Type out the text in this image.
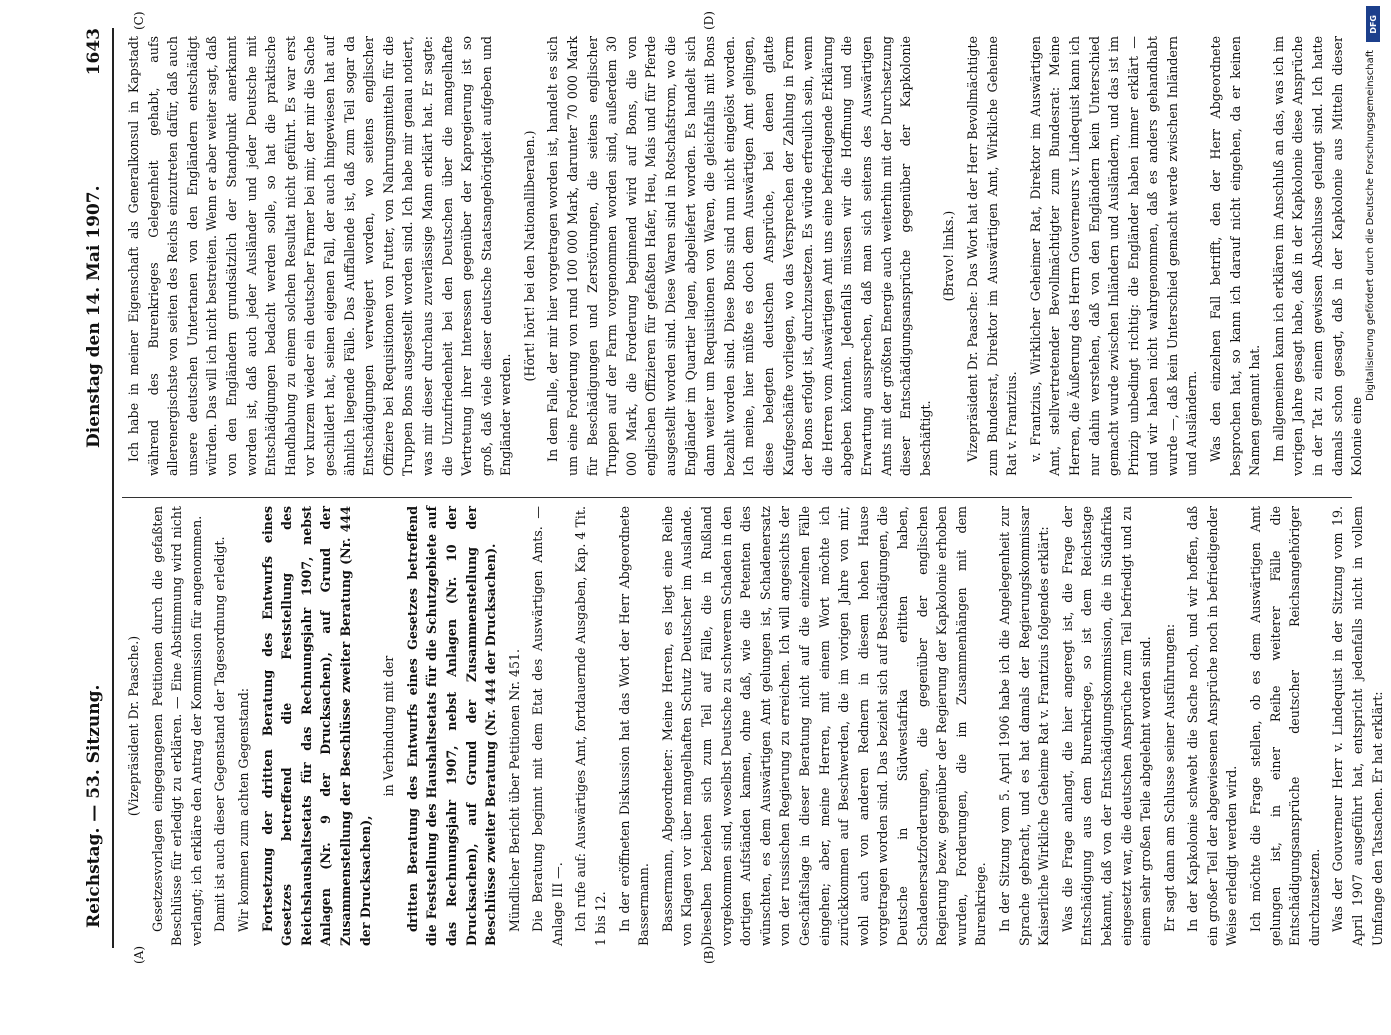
Reichstag. — 53. Sitzung.
Dienstag den 14. Mai 1907.
1643
(A)	(B)
(C)	(D)

(Vizepräsident Dr. Paasche.) Gesetzesvorlagen eingegangenen Petitionen durch die gefaßten Beschlüsse für erledigt zu erklären. — Eine Abstimmung wird nicht verlangt; ich erkläre den Antrag der Kommission für angenommen. Damit ist auch dieser Gegenstand der Tagesordnung erledigt. Wir kommen zum achten Gegenstand: Fortsetzung der dritten Beratung des Entwurfs eines Gesetzes betreffend die Feststellung des Reichshaushaltsetats für das Rechnungsjahr 1907, nebst Anlagen (Nr. 9 der Drucksachen), auf Grund der Zusammenstellung der Beschlüsse zweiter Beratung (Nr. 444 der Drucksachen),

in Verbindung mit der dritten Beratung des Entwurfs eines Gesetzes betreffend die Feststellung des Haushaltsetats für die Schutzgebiete auf das Rechnungsjahr 1907, nebst Anlagen (Nr. 10 der Drucksachen), auf Grund der Zusammenstellung der Beschlüsse zweiter Beratung (Nr. 444 der Drucksachen). Mündlicher Bericht über Petitionen Nr. 451. Die Beratung beginnt mit dem Etat des Auswärtigen Amts. — Anlage III —. Ich rufe auf: Auswärtiges Amt, fortdauernde Ausgaben, Kap. 4 Tit. 1 bis 12. In der eröffneten Diskussion hat das Wort der Herr Abgeordnete Bassermann. Bassermann, Abgeordneter: Meine Herren, es liegt eine Reihe von Klagen vor über mangelhaften Schutz Deutscher im Auslande. Dieselben beziehen sich zum Teil auf Fälle, die in Rußland vorgekommen sind, woselbst Deutsche zu schwerem Schaden in den dortigen Aufständen kamen, ohne daß, wie die Petenten dies wünschten, es dem Auswärtigen Amt gelungen ist, Schadenersatz von der russischen Regierung zu erreichen. Ich will angesichts der Geschäftslage in dieser Beratung nicht auf die einzelnen Fälle eingehen; aber, meine Herren, mit einem Wort möchte ich zurückkommen auf Beschwerden, die im vorigen Jahre von mir, wohl auch von anderen Rednern in diesem hohen Hause vorgetragen worden sind. Das bezieht sich auf Beschädigungen, die Deutsche in Südwestafrika erlitten haben, Schadenersatzforderungen, die gegenüber der englischen Regierung bezw. gegenüber der Regierung der Kapkolonie erhoben wurden, Forderungen, die im Zusammenhängen mit dem Burenkriege. In der Sitzung vom 5. April 1906 habe ich die Angelegenheit zur Sprache gebracht, und es hat damals der Regierungskommissar Kaiserliche Wirkliche Geheime Rat v. Frantzius folgendes erklärt: Was die Frage anlangt, die hier angeregt ist, die Frage der Entschädigung aus dem Burenkriege, so ist dem Reichstage bekannt, daß von der Entschädigungskommission, die in Südafrika eingesetzt war, die deutschen Ansprüche zum Teil befriedigt und zu einem sehr großen Teile abgelehnt worden sind. Er sagt dann am Schlusse seiner Ausführungen: In der Kapkolonie schwebt die Sache noch, und wir hoffen, daß ein großer Teil der abgewiesenen Ansprüche noch in befriedigender Weise erledigt werden wird. Ich möchte die Frage stellen, ob es dem Auswärtigen Amt gelungen ist, in einer Reihe weiterer Fälle die Entschädigungsansprüche deutscher Reichsangehöriger durchzusetzen. Was der Gouverneur Herr v. Lindequist in der Sitzung vom 19. April 1907 ausgeführt hat, entspricht jedenfalls nicht in vollem Umfange den Tatsachen. Er hat erklärt:

Ich habe in meiner Eigenschaft als Generalkonsul in Kapstadt während des Burenkrieges Gelegenheit gehabt, aufs allerenergischste von seiten des Reichs einzutreten dafür, daß auch unsere deutschen Untertanen von den Engländern entschädigt würden. Das will ich nicht bestreiten. Wenn er aber weiter sagt, daß von den Engländern grundsätzlich der Standpunkt anerkannt worden ist, daß auch jeder Ausländer und jeder Deutsche mit Entschädigungen bedacht werden solle, so hat die praktische Handhabung zu einem solchen Resultat nicht geführt. Es war erst vor kurzem wieder ein deutscher Farmer bei mir, der mir die Sache geschildert hat, seinen eigenen Fall, der auch hingewiesen hat auf ähnlich liegende Fälle. Das Auffallende ist, daß zum Teil sogar da Entschädigungen verweigert worden, wo seitens englischer Offiziere bei Requisitionen von Futter, von Nahrungsmitteln für die Truppen Bons ausgestellt worden sind. Ich habe mir genau notiert, was mir dieser durchaus zuverlässige Mann erklärt hat. Er sagte: die Unzufriedenheit bei den Deutschen über die mangelhafte Vertretung ihrer Interessen gegenüber der Kapregierung ist so groß, daß viele dieser deutsche Staatsangehörigkeit aufgeben und Engländer werden.

(Hört! hört! bei den Nationalliberalen.) In dem Falle, der mir hier vorgetragen worden ist, handelt es sich um eine Forderung von rund 100 000 Mark, darunter 70 000 Mark für Beschädigungen und Zerstörungen, die seitens englischer Truppen auf der Farm vorgenommen worden sind, außerdem 30 000 Mark, die Forderung beginnend wird auf Bons, die von englischen Offizieren für gefaßten Hafer, Heu, Mais und für Pferde ausgestellt worden sind. Diese Waren sind in Rotschafstrom, wo die Engländer im Quartier lagen, abgeliefert worden. Es handelt sich dann weiter um Requisitionen von Waren, die gleichfalls mit Bons bezahlt worden sind. Diese Bons sind nun nicht eingelöst worden. Ich meine, hier müßte es doch dem Auswärtigen Amt gelingen, diese belegten deutschen Ansprüche, bei denen glatte Kaufgeschäfte vorliegen, wo das Versprechen der Zahlung in Form der Bons erfolgt ist, durchzusetzen. Es würde erfreulich sein, wenn die Herren vom Auswärtigen Amt uns eine befriedigende Erklärung abgeben könnten. Jedenfalls müssen wir die Hoffnung und die Erwartung aussprechen, daß man sich seitens des Auswärtigen Amts mit der größten Energie auch weiterhin mit der Durchsetzung dieser Entschädigungsansprüche gegenüber der Kapkolonie beschäftigt.

(Bravo! links.) Vizepräsident Dr. Paasche: Das Wort hat der Herr Bevollmächtigte zum Bundesrat, Direktor im Auswärtigen Amt, Wirkliche Geheime Rat v. Frantzius. v. Frantzius, Wirklicher Geheimer Rat, Direktor im Auswärtigen Amt, stellvertretender Bevollmächtigter zum Bundesrat: Meine Herren, die Äußerung des Herrn Gouverneurs v. Lindequist kann ich nur dahin verstehen, daß von den Engländern kein Unterschied gemacht wurde zwischen Inländern und Ausländern, und das ist im Prinzip unbedingt richtig: die Engländer haben immer erklärt — und wir haben nicht wahrgenommen, daß es anders gehandhabt wurde —, daß kein Unterschied gemacht werde zwischen Inländern und Ausländern. Was den einzelnen Fall betrifft, den der Herr Abgeordnete besprochen hat, so kann ich darauf nicht eingehen, da er keinen Namen genannt hat. Im allgemeinen kann ich erklären im Anschluß an das, was ich im vorigen Jahre gesagt habe, daß in der Kapkolonie diese Ansprüche in der Tat zu einem gewissen Abschlusse gelangt sind. Ich hatte damals schon gesagt, daß in der Kapkolonie aus Mitteln dieser Kolonie eine

DFG
Digitalisierung gefördert durch die Deutsche Forschungsgemeinschaft
